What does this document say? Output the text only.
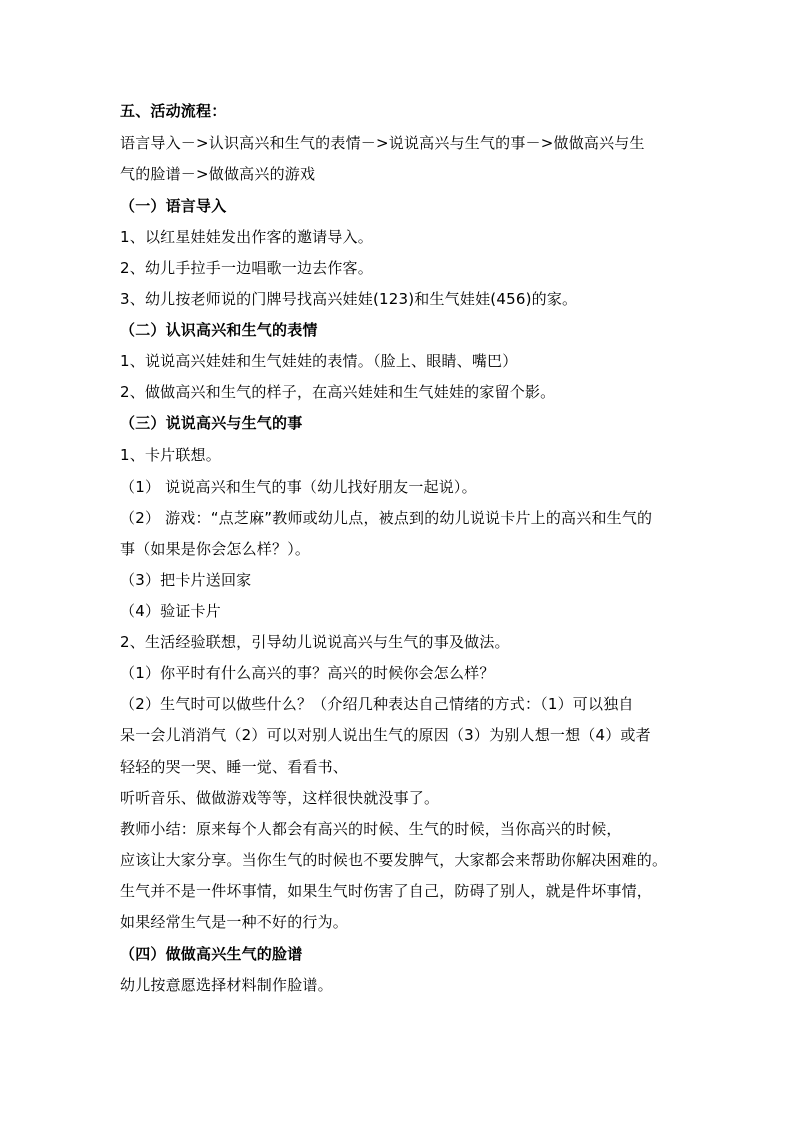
五、活动流程：
语言导入－>认识高兴和生气的表情－>说说高兴与生气的事－>做做高兴与生
气的脸谱－>做做高兴的游戏
（一）语言导入
1、以红星娃娃发出作客的邀请导入。
2、幼儿手拉手一边唱歌一边去作客。
3、幼儿按老师说的门牌号找高兴娃娃(123)和生气娃娃(456)的家。
（二）认识高兴和生气的表情
1、说说高兴娃娃和生气娃娃的表情。（脸上、眼睛、嘴巴）
2、做做高兴和生气的样子，在高兴娃娃和生气娃娃的家留个影。
（三）说说高兴与生气的事
1、卡片联想。
（1） 说说高兴和生气的事（幼儿找好朋友一起说）。
（2） 游戏：“点芝麻”教师或幼儿点，被点到的幼儿说说卡片上的高兴和生气的
事（如果是你会怎么样？）。
（3）把卡片送回家
（4）验证卡片
2、生活经验联想，引导幼儿说说高兴与生气的事及做法。
（1）你平时有什么高兴的事？高兴的时候你会怎么样？
（2）生气时可以做些什么？（介绍几种表达自己情绪的方式：（1）可以独自
呆一会儿消消气（2）可以对别人说出生气的原因（3）为别人想一想（4）或者
轻轻的哭一哭、睡一觉、看看书、
听听音乐、做做游戏等等，这样很快就没事了。
教师小结：原来每个人都会有高兴的时候、生气的时候，当你高兴的时候，
应该让大家分享。当你生气的时候也不要发脾气，大家都会来帮助你解决困难的。
生气并不是一件坏事情，如果生气时伤害了自己，防碍了别人，就是件坏事情，
如果经常生气是一种不好的行为。
（四）做做高兴生气的脸谱
幼儿按意愿选择材料制作脸谱。
